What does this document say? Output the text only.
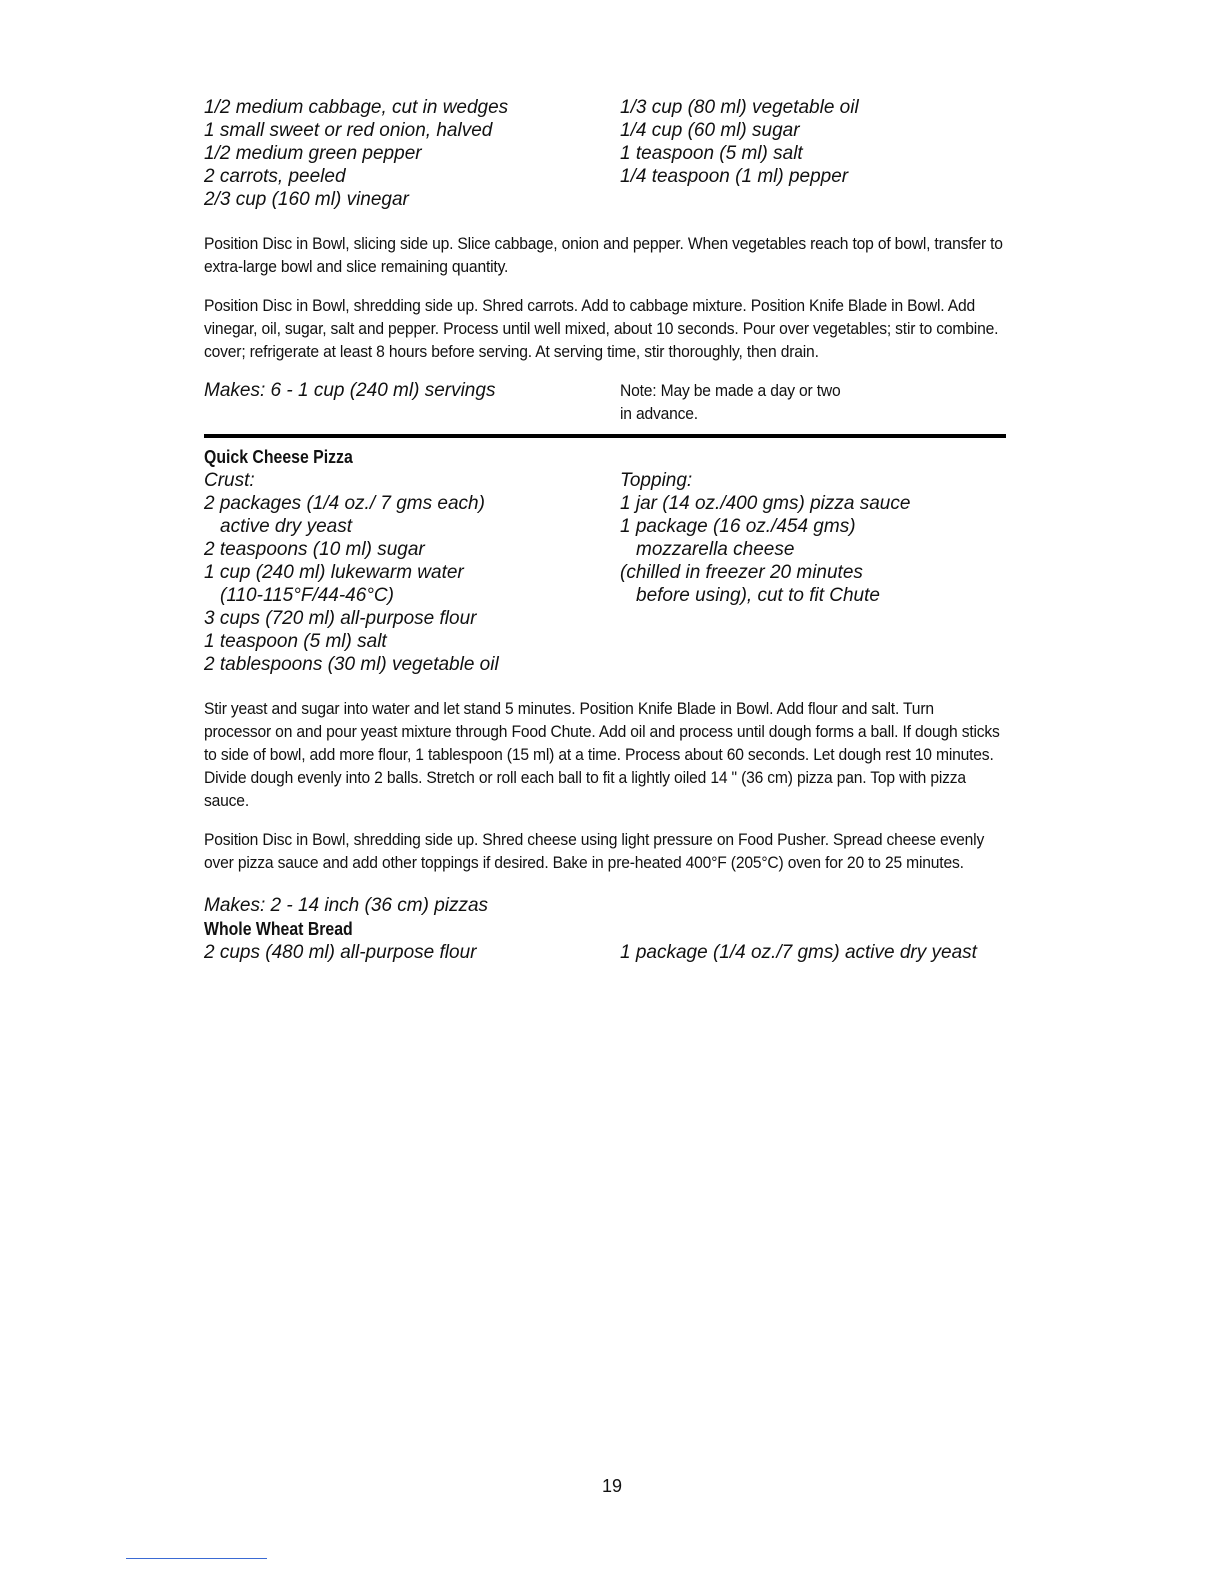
1/2 medium cabbage, cut in wedges
1 small sweet or red onion, halved
1/2 medium green pepper
2 carrots, peeled
2/3 cup (160 ml) vinegar
1/3 cup (80 ml) vegetable oil
1/4 cup (60 ml) sugar
1 teaspoon (5 ml) salt
1/4 teaspoon (1 ml) pepper
Position Disc in Bowl, slicing side up. Slice cabbage, onion and pepper. When vegetables reach top of bowl, transfer to extra-large bowl and slice remaining quantity.
Position Disc in Bowl, shredding side up. Shred carrots. Add to cabbage mixture. Position Knife Blade in Bowl. Add vinegar, oil, sugar, salt and pepper. Process until well mixed, about 10 seconds. Pour over vegetables; stir to combine. cover; refrigerate at least 8 hours before serving. At serving time, stir thoroughly, then drain.
Makes: 6 - 1 cup (240 ml) servings	Note: May be made a day or two
in advance.
Quick Cheese Pizza
Crust:
2 packages (1/4 oz./ 7 gms each)
active dry yeast
2 teaspoons (10 ml) sugar
1 cup (240 ml) lukewarm water
(110-115°F/44-46°C)
3 cups (720 ml) all-purpose flour
1 teaspoon (5 ml) salt
2 tablespoons (30 ml) vegetable oil
Topping:
1 jar (14 oz./400 gms) pizza sauce
1 package (16 oz./454 gms)
mozzarella cheese
(chilled in freezer 20 minutes
before using), cut to fit Chute
Stir yeast and sugar into water and let stand 5 minutes. Position Knife Blade in Bowl. Add flour and salt. Turn processor on and pour yeast mixture through Food Chute. Add oil and process until dough forms a ball. If dough sticks to side of bowl, add more flour, 1 tablespoon (15 ml) at a time. Process about 60 seconds. Let dough rest 10 minutes. Divide dough evenly into 2 balls. Stretch or roll each ball to fit a lightly oiled 14 " (36 cm) pizza pan. Top with pizza sauce.
Position Disc in Bowl, shredding side up. Shred cheese using light pressure on Food Pusher. Spread cheese evenly over pizza sauce and add other toppings if desired. Bake in pre-heated 400°F (205°C) oven for 20 to 25 minutes.
Makes: 2 - 14 inch (36 cm) pizzas
Whole Wheat Bread
2 cups (480 ml) all-purpose flour	1 package (1/4 oz./7 gms) active dry yeast
19
